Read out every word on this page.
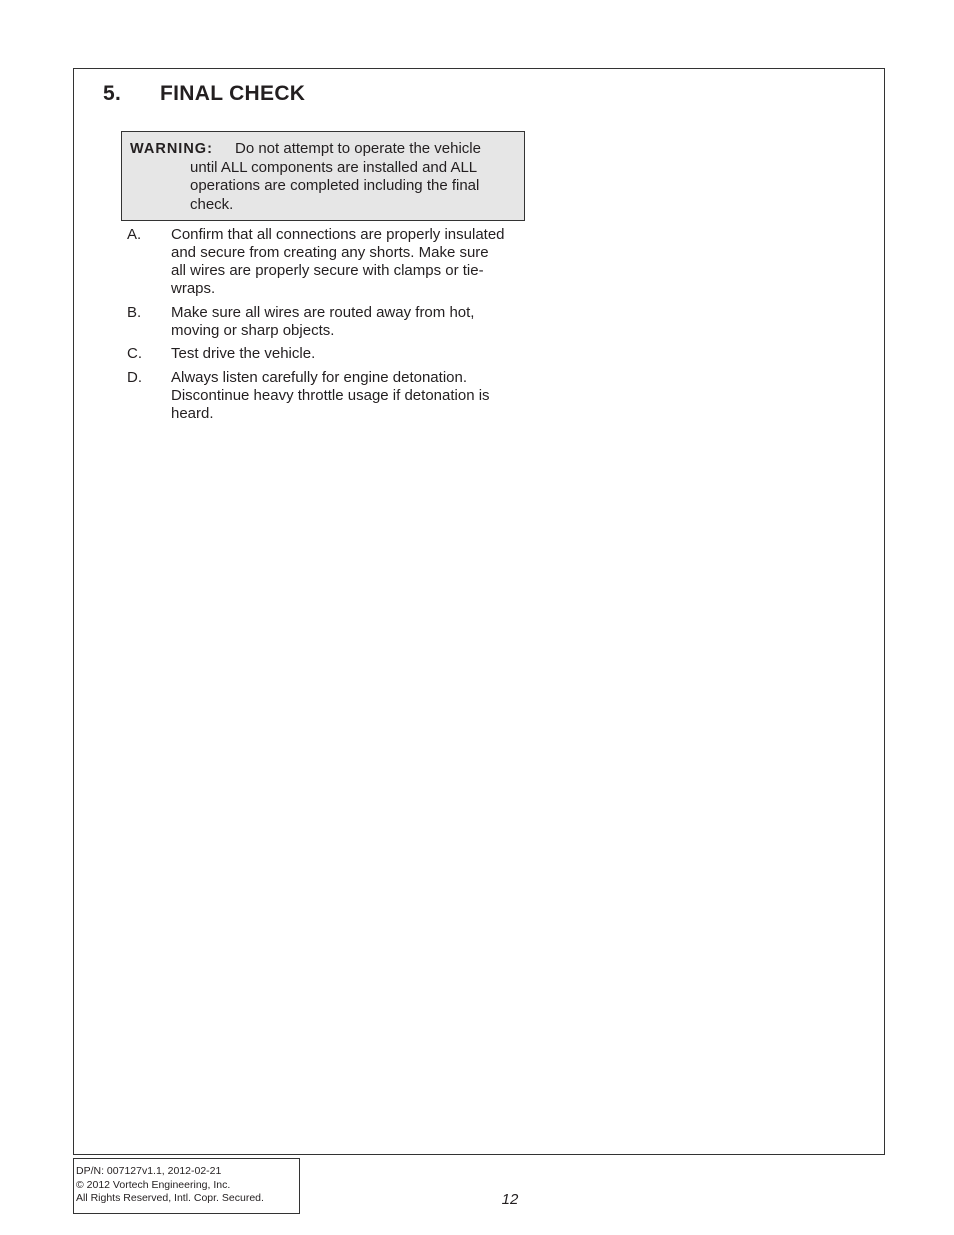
5. FINAL CHECK
WARNING: Do not attempt to operate the vehicle
until ALL components are installed and ALL
operations are completed including the final
check.
A. Confirm that all connections are properly insulated
and secure from creating any shorts. Make sure
all wires are properly secure with clamps or tie-
wraps.
B. Make sure all wires are routed away from hot,
moving or sharp objects.
C. Test drive the vehicle.
D. Always listen carefully for engine detonation.
Discontinue heavy throttle usage if detonation is
heard.
DP/N: 007127v1.1, 2012-02-21
© 2012 Vortech Engineering, Inc.
All Rights Reserved, Intl. Copr. Secured.	12
